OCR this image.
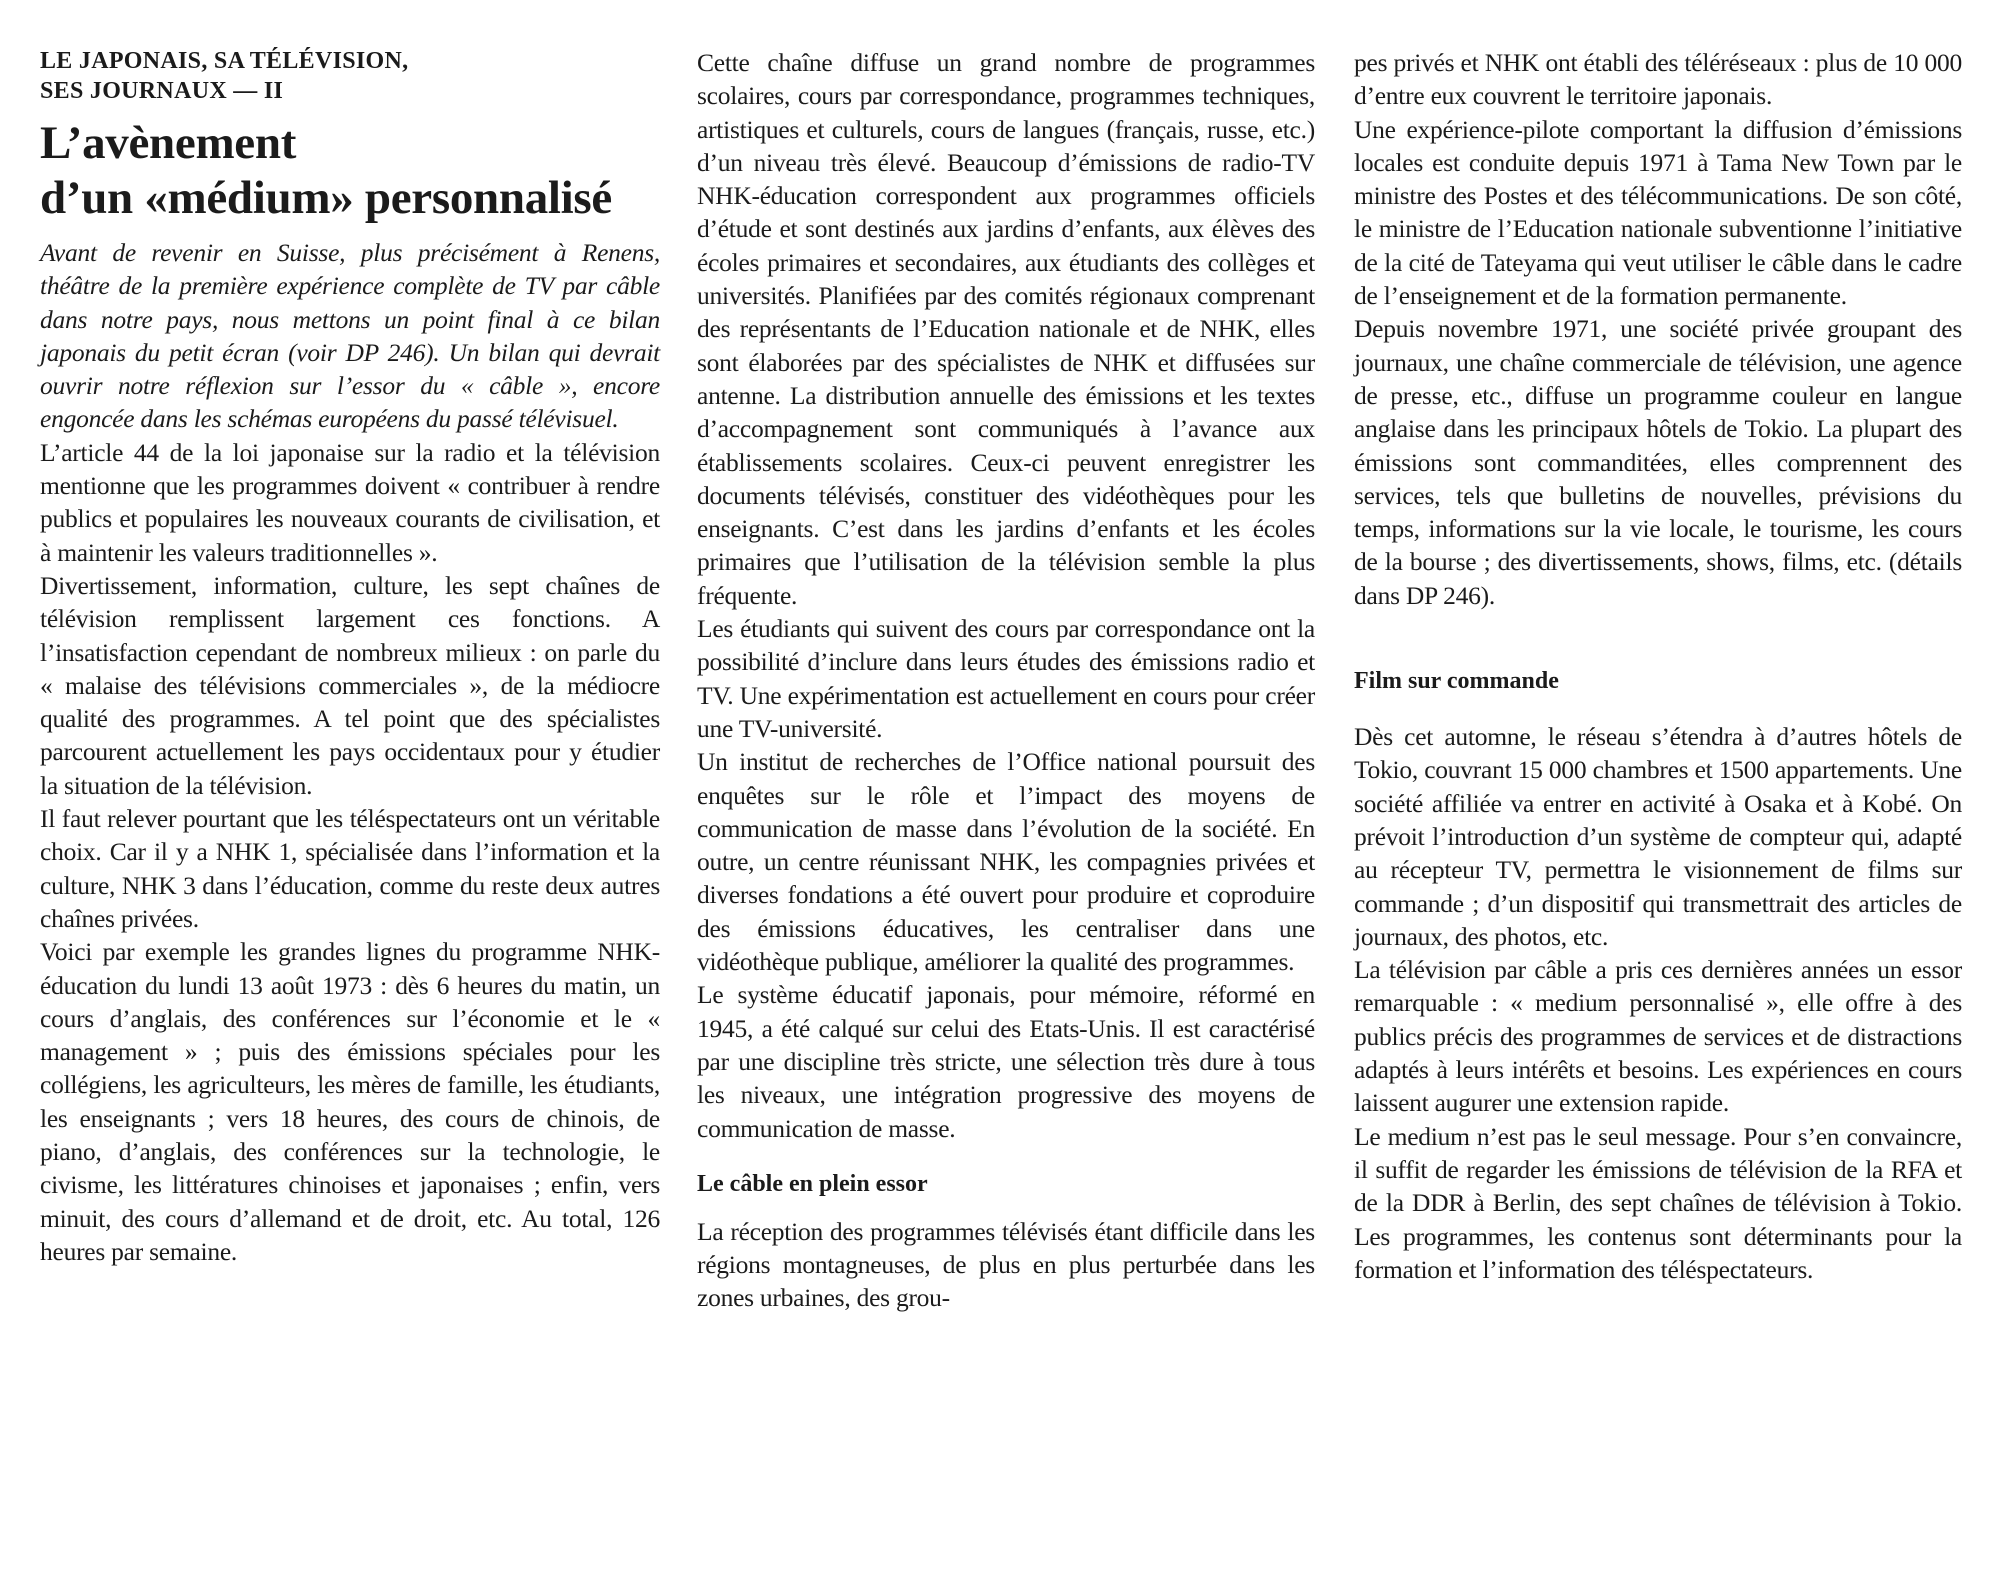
LE JAPONAIS, SA TÉLÉVISION,
SES JOURNAUX — II
L’avènement
d’un «médium» personnalisé

Avant de revenir en Suisse, plus précisément à Renens, théâtre de la première expérience complète de TV par câble dans notre pays, nous mettons un point final à ce bilan japonais du petit écran (voir DP 246). Un bilan qui devrait ouvrir notre réflexion sur l’essor du « câble », encore engoncée dans les schémas européens du passé télévisuel.

L’article 44 de la loi japonaise sur la radio et la télévision mentionne que les programmes doivent « contribuer à rendre publics et populaires les nouveaux courants de civilisation, et à maintenir les valeurs traditionnelles ».

Divertissement, information, culture, les sept chaînes de télévision remplissent largement ces fonctions. A l’insatisfaction cependant de nombreux milieux : on parle du « malaise des télévisions commerciales », de la médiocre qualité des programmes. A tel point que des spécialistes parcourent actuellement les pays occidentaux pour y étudier la situation de la télévision.

Il faut relever pourtant que les téléspectateurs ont un véritable choix. Car il y a NHK 1, spécialisée dans l’information et la culture, NHK 3 dans l’éducation, comme du reste deux autres chaînes privées.

Voici par exemple les grandes lignes du programme NHK-éducation du lundi 13 août 1973 : dès 6 heures du matin, un cours d’anglais, des conférences sur l’économie et le « management » ; puis des émissions spéciales pour les collégiens, les agriculteurs, les mères de famille, les étudiants, les enseignants ; vers 18 heures, des cours de chinois, de piano, d’anglais, des conférences sur la technologie, le civisme, les littératures chinoises et japonaises ; enfin, vers minuit, des cours d’allemand et de droit, etc. Au total, 126 heures par semaine.

Cette chaîne diffuse un grand nombre de programmes scolaires, cours par correspondance, programmes techniques, artistiques et culturels, cours de langues (français, russe, etc.) d’un niveau très élevé. Beaucoup d’émissions de radio-TV NHK-éducation correspondent aux programmes officiels d’étude et sont destinés aux jardins d’enfants, aux élèves des écoles primaires et secondaires, aux étudiants des collèges et universités. Planifiées par des comités régionaux comprenant des représentants de l’Education nationale et de NHK, elles sont élaborées par des spécialistes de NHK et diffusées sur antenne. La distribution annuelle des émissions et les textes d’accompagnement sont communiqués à l’avance aux établissements scolaires. Ceux-ci peuvent enregistrer les documents télévisés, constituer des vidéothèques pour les enseignants. C’est dans les jardins d’enfants et les écoles primaires que l’utilisation de la télévision semble la plus fréquente.

Les étudiants qui suivent des cours par correspondance ont la possibilité d’inclure dans leurs études des émissions radio et TV. Une expérimentation est actuellement en cours pour créer une TV-université.

Un institut de recherches de l’Office national poursuit des enquêtes sur le rôle et l’impact des moyens de communication de masse dans l’évolution de la société. En outre, un centre réunissant NHK, les compagnies privées et diverses fondations a été ouvert pour produire et coproduire des émissions éducatives, les centraliser dans une vidéothèque publique, améliorer la qualité des programmes.

Le système éducatif japonais, pour mémoire, réformé en 1945, a été calqué sur celui des Etats-Unis. Il est caractérisé par une discipline très stricte, une sélection très dure à tous les niveaux, une intégration progressive des moyens de communication de masse.

Le câble en plein essor

La réception des programmes télévisés étant difficile dans les régions montagneuses, de plus en plus perturbée dans les zones urbaines, des grou-

pes privés et NHK ont établi des téléréseaux : plus de 10 000 d’entre eux couvrent le territoire japonais.

Une expérience-pilote comportant la diffusion d’émissions locales est conduite depuis 1971 à Tama New Town par le ministre des Postes et des télécommunications. De son côté, le ministre de l’Education nationale subventionne l’initiative de la cité de Tateyama qui veut utiliser le câble dans le cadre de l’enseignement et de la formation permanente.

Depuis novembre 1971, une société privée groupant des journaux, une chaîne commerciale de télévision, une agence de presse, etc., diffuse un programme couleur en langue anglaise dans les principaux hôtels de Tokio. La plupart des émissions sont commanditées, elles comprennent des services, tels que bulletins de nouvelles, prévisions du temps, informations sur la vie locale, le tourisme, les cours de la bourse ; des divertissements, shows, films, etc. (détails dans DP 246).

Film sur commande

Dès cet automne, le réseau s’étendra à d’autres hôtels de Tokio, couvrant 15 000 chambres et 1500 appartements. Une société affiliée va entrer en activité à Osaka et à Kobé. On prévoit l’introduction d’un système de compteur qui, adapté au récepteur TV, permettra le visionnement de films sur commande ; d’un dispositif qui transmettrait des articles de journaux, des photos, etc.

La télévision par câble a pris ces dernières années un essor remarquable : « medium personnalisé », elle offre à des publics précis des programmes de services et de distractions adaptés à leurs intérêts et besoins. Les expériences en cours laissent augurer une extension rapide.

Le medium n’est pas le seul message. Pour s’en convaincre, il suffit de regarder les émissions de télévision de la RFA et de la DDR à Berlin, des sept chaînes de télévision à Tokio. Les programmes, les contenus sont déterminants pour la formation et l’information des téléspectateurs.
